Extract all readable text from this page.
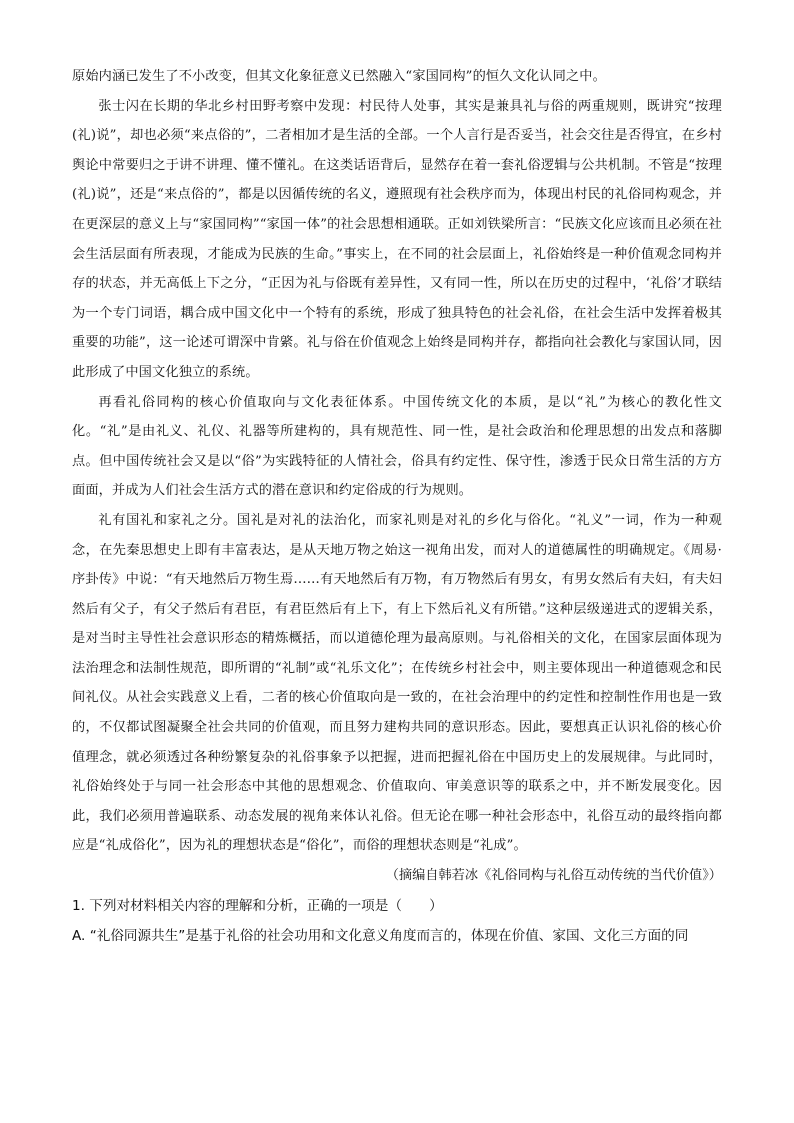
原始内涵已发生了不小改变，但其文化象征意义已然融入“家国同构”的恒久文化认同之中。

张士闪在长期的华北乡村田野考察中发现：村民待人处事，其实是兼具礼与俗的两重规则，既讲究“按理(礼)说”，却也必须“来点俗的”，二者相加才是生活的全部。一个人言行是否妥当，社会交往是否得宜，在乡村舆论中常要归之于讲不讲理、懂不懂礼。在这类话语背后，显然存在着一套礼俗逻辑与公共机制。不管是“按理(礼)说”，还是“来点俗的”，都是以因循传统的名义，遵照现有社会秩序而为，体现出村民的礼俗同构观念，并在更深层的意义上与“家国同构”“家国一体”的社会思想相通联。正如刘铁梁所言：“民族文化应该而且必须在社会生活层面有所表现，才能成为民族的生命。”事实上，在不同的社会层面上，礼俗始终是一种价值观念同构并存的状态，并无高低上下之分，“正因为礼与俗既有差异性，又有同一性，所以在历史的过程中，‘礼俗’才联结为一个专门词语，耦合成中国文化中一个特有的系统，形成了独具特色的社会礼俗，在社会生活中发挥着极其重要的功能”，这一论述可谓深中肯綮。礼与俗在价值观念上始终是同构并存，都指向社会教化与家国认同，因此形成了中国文化独立的系统。

再看礼俗同构的核心价值取向与文化表征体系。中国传统文化的本质，是以“礼”为核心的教化性文化。“礼”是由礼义、礼仪、礼器等所建构的，具有规范性、同一性，是社会政治和伦理思想的出发点和落脚点。但中国传统社会又是以“俗”为实践特征的人情社会，俗具有约定性、保守性，渗透于民众日常生活的方方面面，并成为人们社会生活方式的潜在意识和约定俗成的行为规则。

礼有国礼和家礼之分。国礼是对礼的法治化，而家礼则是对礼的乡化与俗化。“礼义”一词，作为一种观念，在先秦思想史上即有丰富表达，是从天地万物之始这一视角出发，而对人的道德属性的明确规定。《周易·序卦传》中说：“有天地然后万物生焉……有天地然后有万物，有万物然后有男女，有男女然后有夫妇，有夫妇然后有父子，有父子然后有君臣，有君臣然后有上下，有上下然后礼义有所错。”这种层级递进式的逻辑关系，是对当时主导性社会意识形态的精炼概括，而以道德伦理为最高原则。与礼俗相关的文化，在国家层面体现为法治理念和法制性规范，即所谓的“礼制”或“礼乐文化”；在传统乡村社会中，则主要体现出一种道德观念和民间礼仪。从社会实践意义上看，二者的核心价值取向是一致的，在社会治理中的约定性和控制性作用也是一致的，不仅都试图凝聚全社会共同的价值观，而且努力建构共同的意识形态。因此，要想真正认识礼俗的核心价值理念，就必须透过各种纷繁复杂的礼俗事象予以把握，进而把握礼俗在中国历史上的发展规律。与此同时，礼俗始终处于与同一社会形态中其他的思想观念、价值取向、审美意识等的联系之中，并不断发展变化。因此，我们必须用普遍联系、动态发展的视角来体认礼俗。但无论在哪一种社会形态中，礼俗互动的最终指向都应是“礼成俗化”，因为礼的理想状态是“俗化”，而俗的理想状态则是“礼成”。

（摘编自韩若冰《礼俗同构与礼俗互动传统的当代价值》）

1. 下列对材料相关内容的理解和分析，正确的一项是（　　）

A. “礼俗同源共生”是基于礼俗的社会功用和文化意义角度而言的，体现在价值、家国、文化三方面的同
